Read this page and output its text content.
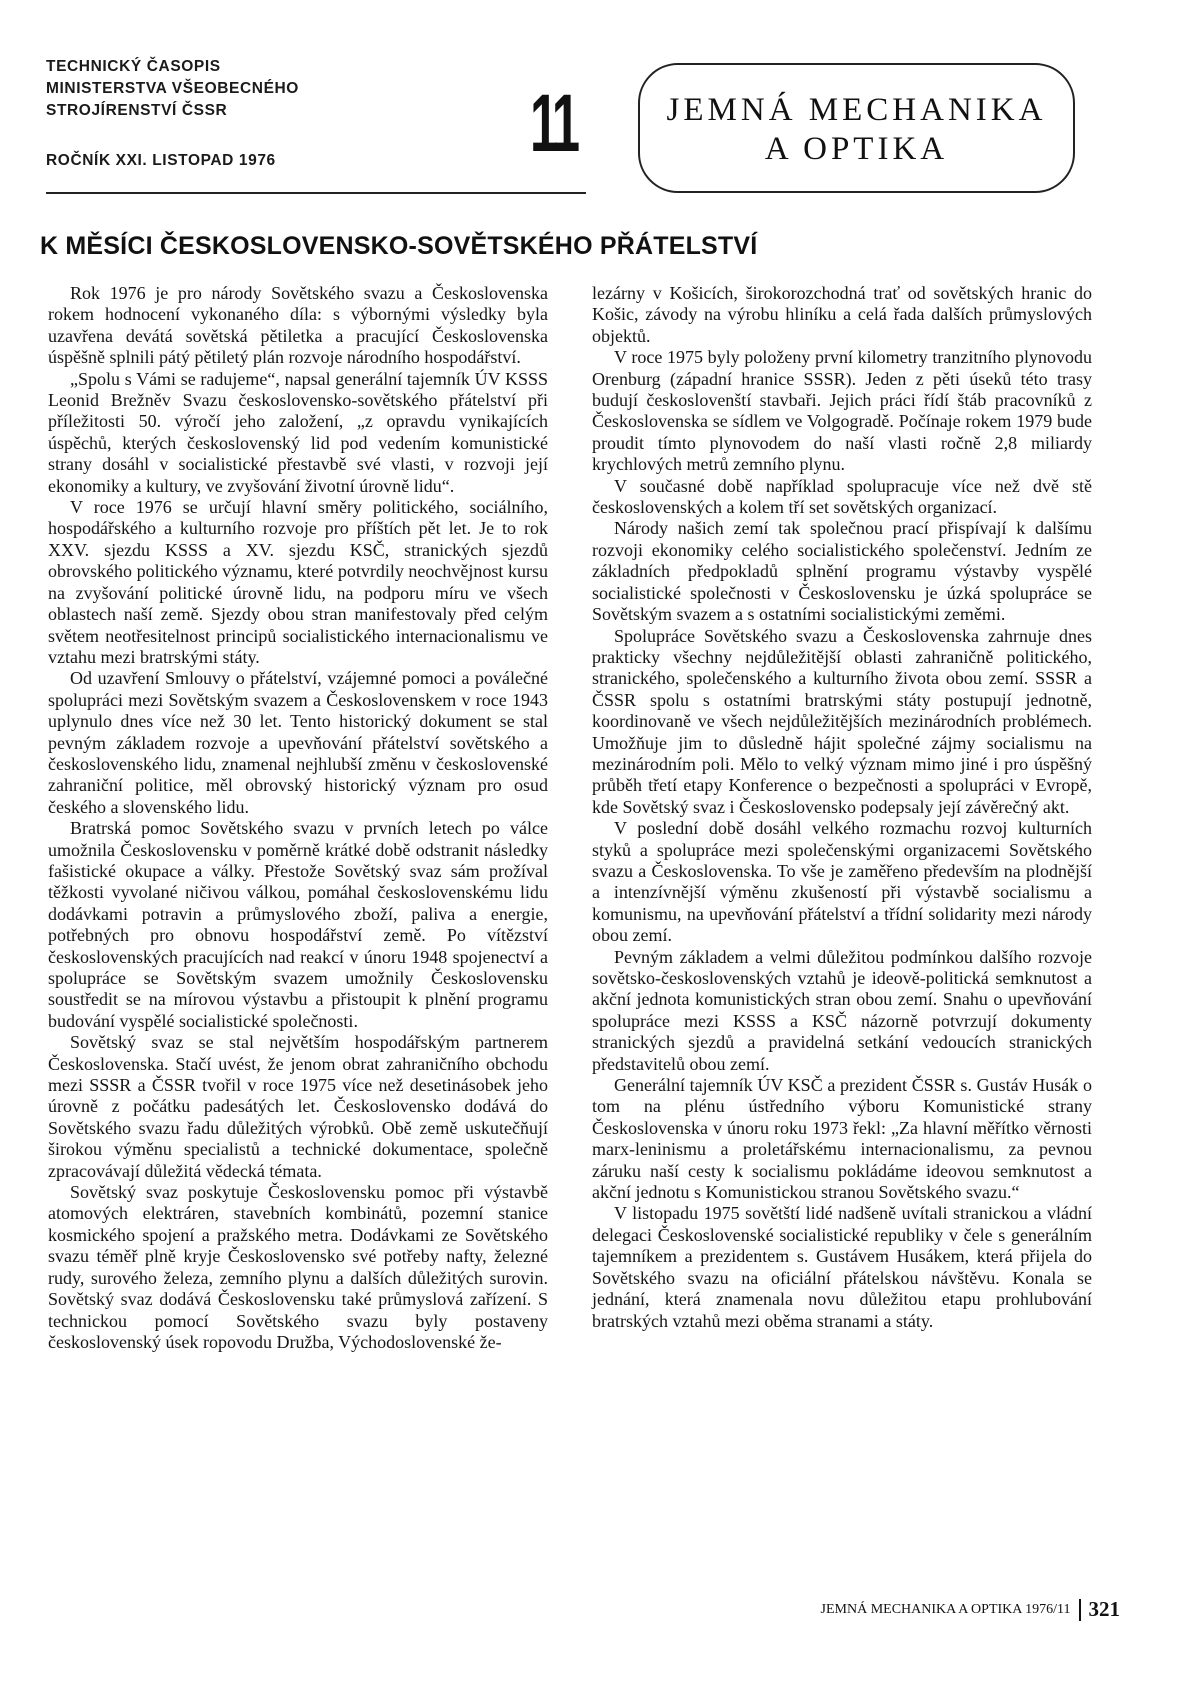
TECHNICKÝ ČASOPIS
MINISTERSTVA VŠEOBECNÉHO
STROJÍRENSTVÍ ČSSR
ROČNÍK XXI. LISTOPAD 1976	11	JEMNÁ MECHANIKA
A OPTIKA
K MĚSÍCI ČESKOSLOVENSKO-SOVĚTSKÉHO PŘÁTELSTVÍ

Rok 1976 je pro národy Sovětského svazu a Československa rokem hodnocení vykonaného díla: s výbornými výsledky byla uzavřena devátá sovětská pětiletka a pracující Československa úspěšně splnili pátý pětiletý plán rozvoje národního hospodářství.

„Spolu s Vámi se radujeme“, napsal generální tajemník ÚV KSSS Leonid Brežněv Svazu československo-sovětského přátelství při příležitosti 50. výročí jeho založení, „z opravdu vynikajících úspěchů, kterých československý lid pod vedením komunistické strany dosáhl v socialistické přestavbě své vlasti, v rozvoji její ekonomiky a kultury, ve zvyšování životní úrovně lidu“.

V roce 1976 se určují hlavní směry politického, sociálního, hospodářského a kulturního rozvoje pro příštích pět let. Je to rok XXV. sjezdu KSSS a XV. sjezdu KSČ, stranických sjezdů obrovského politického významu, které potvrdily neochvějnost kursu na zvyšování politické úrovně lidu, na podporu míru ve všech oblastech naší země. Sjezdy obou stran manifestovaly před celým světem neotřesitelnost principů socialistického internacionalismu ve vztahu mezi bratrskými státy.

Od uzavření Smlouvy o přátelství, vzájemné pomoci a poválečné spolupráci mezi Sovětským svazem a Československem v roce 1943 uplynulo dnes více než 30 let. Tento historický dokument se stal pevným základem rozvoje a upevňování přátelství sovětského a československého lidu, znamenal nejhlubší změnu v československé zahraniční politice, měl obrovský historický význam pro osud českého a slovenského lidu.

Bratrská pomoc Sovětského svazu v prvních letech po válce umožnila Československu v poměrně krátké době odstranit následky fašistické okupace a války. Přestože Sovětský svaz sám prožíval těžkosti vyvolané ničivou válkou, pomáhal československému lidu dodávkami potravin a průmyslového zboží, paliva a energie, potřebných pro obnovu hospodářství země. Po vítězství československých pracujících nad reakcí v únoru 1948 spojenectví a spolupráce se Sovětským svazem umožnily Československu soustředit se na mírovou výstavbu a přistoupit k plnění programu budování vyspělé socialistické společnosti.

Sovětský svaz se stal největším hospodářským partnerem Československa. Stačí uvést, že jenom obrat zahraničního obchodu mezi SSSR a ČSSR tvořil v roce 1975 více než desetinásobek jeho úrovně z počátku padesátých let. Československo dodává do Sovětského svazu řadu důležitých výrobků. Obě země uskutečňují širokou výměnu specialistů a technické dokumentace, společně zpracovávají důležitá vědecká témata.

Sovětský svaz poskytuje Československu pomoc při výstavbě atomových elektráren, stavebních kombinátů, pozemní stanice kosmického spojení a pražského metra. Dodávkami ze Sovětského svazu téměř plně kryje Československo své potřeby nafty, železné rudy, surového železa, zemního plynu a dalších důležitých surovin. Sovětský svaz dodává Československu také průmyslová zařízení. S technickou pomocí Sovětského svazu byly postaveny československý úsek ropovodu Družba, Východoslovenské že-

lezárny v Košicích, širokorozchodná trať od sovětských hranic do Košic, závody na výrobu hliníku a celá řada dalších průmyslových objektů.

V roce 1975 byly položeny první kilometry tranzitního plynovodu Orenburg (západní hranice SSSR). Jeden z pěti úseků této trasy budují českoslovenští stavbaři. Jejich práci řídí štáb pracovníků z Československa se sídlem ve Volgogradě. Počínaje rokem 1979 bude proudit tímto plynovodem do naší vlasti ročně 2,8 miliardy krychlových metrů zemního plynu.

V současné době například spolupracuje více než dvě stě československých a kolem tří set sovětských organizací.

Národy našich zemí tak společnou prací přispívají k dalšímu rozvoji ekonomiky celého socialistického společenství. Jedním ze základních předpokladů splnění programu výstavby vyspělé socialistické společnosti v Československu je úzká spolupráce se Sovětským svazem a s ostatními socialistickými zeměmi.

Spolupráce Sovětského svazu a Československa zahrnuje dnes prakticky všechny nejdůležitější oblasti zahraničně politického, stranického, společenského a kulturního života obou zemí. SSSR a ČSSR spolu s ostatními bratrskými státy postupují jednotně, koordinovaně ve všech nejdůležitějších mezinárodních problémech. Umožňuje jim to důsledně hájit společné zájmy socialismu na mezinárodním poli. Mělo to velký význam mimo jiné i pro úspěšný průběh třetí etapy Konference o bezpečnosti a spolupráci v Evropě, kde Sovětský svaz i Československo podepsaly její závěrečný akt.

V poslední době dosáhl velkého rozmachu rozvoj kulturních styků a spolupráce mezi společenskými organizacemi Sovětského svazu a Československa. To vše je zaměřeno především na plodnější a intenzívnější výměnu zkušeností při výstavbě socialismu a komunismu, na upevňování přátelství a třídní solidarity mezi národy obou zemí.

Pevným základem a velmi důležitou podmínkou dalšího rozvoje sovětsko-československých vztahů je ideově-politická semknutost a akční jednota komunistických stran obou zemí. Snahu o upevňování spolupráce mezi KSSS a KSČ názorně potvrzují dokumenty stranických sjezdů a pravidelná setkání vedoucích stranických představitelů obou zemí.

Generální tajemník ÚV KSČ a prezident ČSSR s. Gustáv Husák o tom na plénu ústředního výboru Komunistické strany Československa v únoru roku 1973 řekl: „Za hlavní měřítko věrnosti marx-leninismu a proletářskému internacionalismu, za pevnou záruku naší cesty k socialismu pokládáme ideovou semknutost a akční jednotu s Komunistickou stranou Sovětského svazu.“

V listopadu 1975 sovětští lidé nadšeně uvítali stranickou a vládní delegaci Československé socialistické republiky v čele s generálním tajemníkem a prezidentem s. Gustávem Husákem, která přijela do Sovětského svazu na oficiální přátelskou návštěvu. Konala se jednání, která znamenala novu důležitou etapu prohlubování bratrských vztahů mezi oběma stranami a státy.

JEMNÁ MECHANIKA A OPTIKA 1976/11 321
